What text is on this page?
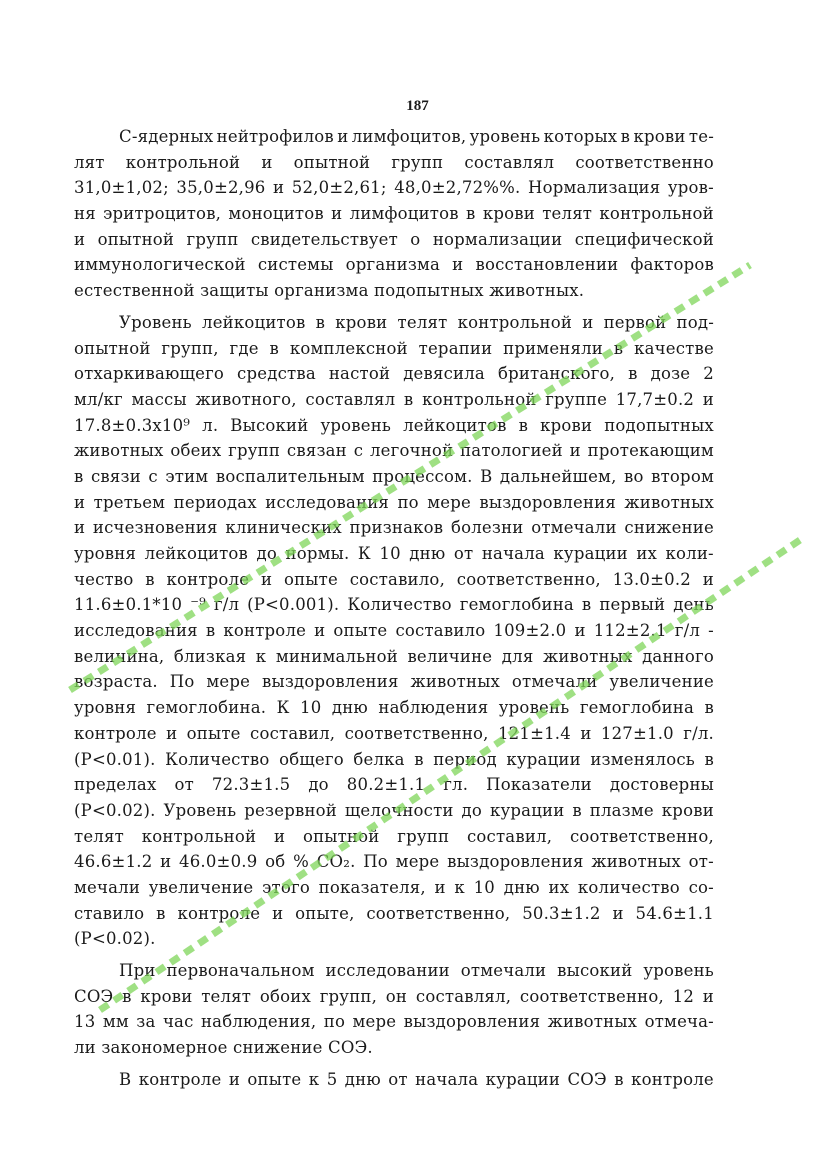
187
С-ядерных нейтрофилов и лимфоцитов, уровень которых в крови те-
лят контрольной и опытной групп составлял соответственно
31,0±1,02; 35,0±2,96 и 52,0±2,61; 48,0±2,72%%. Нормализация уров-
ня эритроцитов, моноцитов и лимфоцитов в крови телят контрольной
и опытной групп свидетельствует о нормализации специфической
иммунологической системы организма и восстановлении факторов
естественной защиты организма подопытных животных.
Уровень лейкоцитов в крови телят контрольной и первой под-
опытной групп, где в комплексной терапии применяли в качестве
отхаркивающего средства настой девясила британского, в дозе 2
мл/кг массы животного, составлял в контрольной группе 17,7±0.2 и
17.8±0.3x10⁹ л. Высокий уровень лейкоцитов в крови подопытных
животных обеих групп связан с легочной патологией и протекающим
в связи с этим воспалительным процессом. В дальнейшем, во втором
и третьем периодах исследования по мере выздоровления животных
и исчезновения клинических признаков болезни отмечали снижение
уровня лейкоцитов до нормы. К 10 дню от начала курации их коли-
чество в контроле и опыте составило, соответственно, 13.0±0.2 и
11.6±0.1*10 ⁻⁹ г/л (Р<0.001). Количество гемоглобина в первый день
исследования в контроле и опыте составило 109±2.0 и 112±2.1 г/л -
величина, близкая к минимальной величине для животных данного
возраста. По мере выздоровления животных отмечали увеличение
уровня гемоглобина. К 10 дню наблюдения уровень гемоглобина в
контроле и опыте составил, соответственно, 121±1.4 и 127±1.0 г/л.
(Р<0.01). Количество общего белка в период курации изменялось в
пределах от 72.3±1.5 до 80.2±1.1 гл. Показатели достоверны
(Р<0.02). Уровень резервной щелочности до курации в плазме крови
телят контрольной и опытной групп составил, соответственно,
46.6±1.2 и 46.0±0.9 об % CO₂. По мере выздоровления животных от-
мечали увеличение этого показателя, и к 10 дню их количество со-
ставило в контроле и опыте, соответственно, 50.3±1.2 и 54.6±1.1
(Р<0.02).
При первоначальном исследовании отмечали высокий уровень
СОЭ в крови телят обоих групп, он составлял, соответственно, 12 и
13 мм за час наблюдения, по мере выздоровления животных отмеча-
ли закономерное снижение СОЭ.
В контроле и опыте к 5 дню от начала курации СОЭ в контроле
